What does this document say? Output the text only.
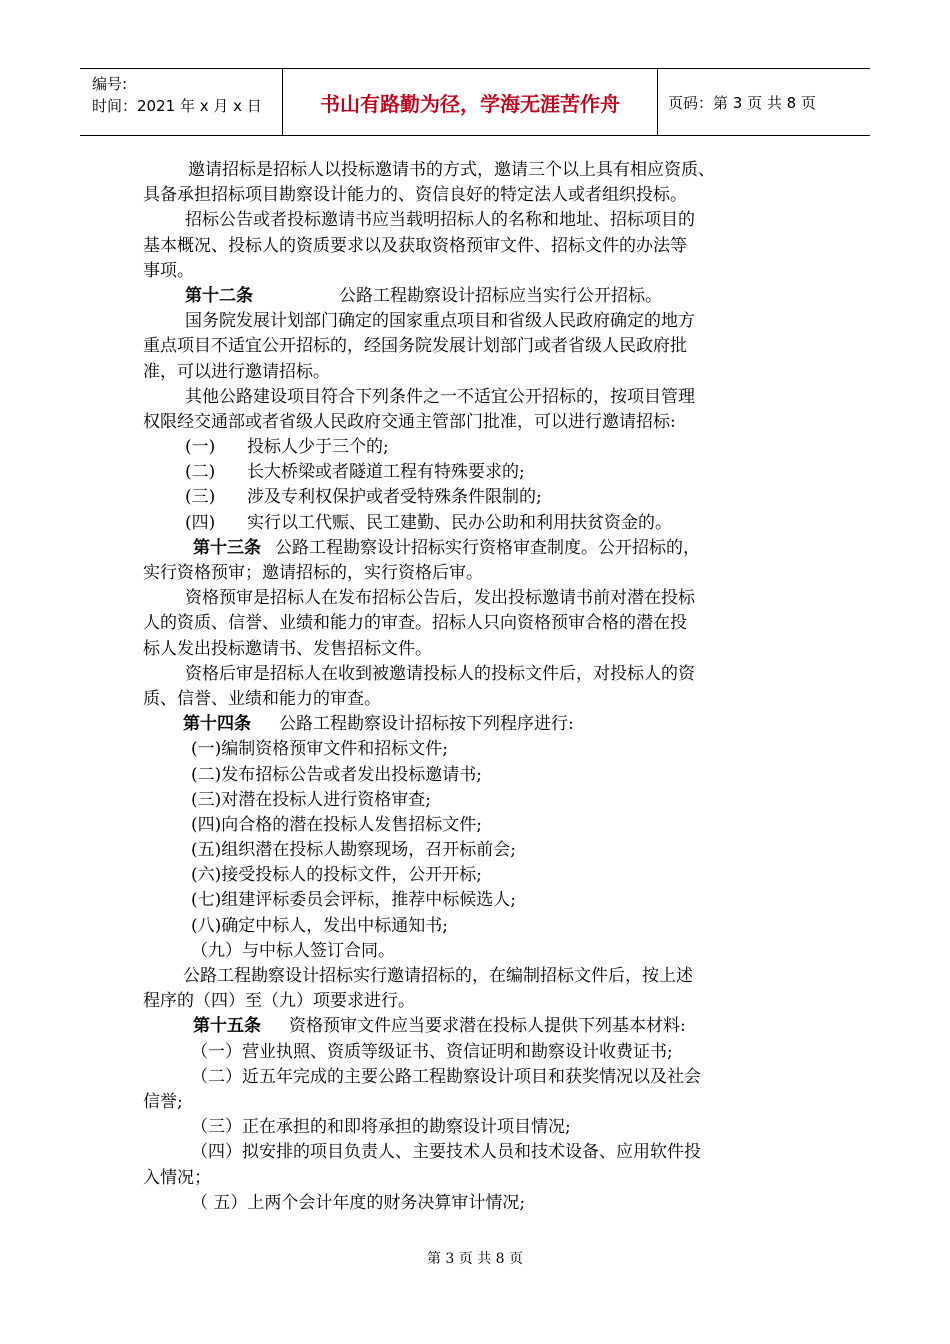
编号:
时间：2021 年 x 月 x 日	书山有路勤为径，学海无涯苦作舟	页码：第 3 页 共 8 页
邀请招标是招标人以投标邀请书的方式，邀请三个以上具有相应资质、
具备承担招标项目勘察设计能力的、资信良好的特定法人或者组织投标。
招标公告或者投标邀请书应当载明招标人的名称和地址、招标项目的
基本概况、投标人的资质要求以及获取资格预审文件、招标文件的办法等
事项。
第十二条	公路工程勘察设计招标应当实行公开招标。
国务院发展计划部门确定的国家重点项目和省级人民政府确定的地方
重点项目不适宜公开招标的，经国务院发展计划部门或者省级人民政府批
准，可以进行邀请招标。
其他公路建设项目符合下列条件之一不适宜公开招标的，按项目管理
权限经交通部或者省级人民政府交通主管部门批准，可以进行邀请招标:
(一) 投标人少于三个的;
(二) 长大桥梁或者隧道工程有特殊要求的;
(三) 涉及专利权保护或者受特殊条件限制的;
(四) 实行以工代赈、民工建勤、民办公助和利用扶贫资金的。
第十三条 公路工程勘察设计招标实行资格审查制度。公开招标的，
实行资格预审；邀请招标的，实行资格后审。
资格预审是招标人在发布招标公告后，发出投标邀请书前对潜在投标
人的资质、信誉、业绩和能力的审查。招标人只向资格预审合格的潜在投
标人发出投标邀请书、发售招标文件。
资格后审是招标人在收到被邀请投标人的投标文件后，对投标人的资
质、信誉、业绩和能力的审查。
第十四条 公路工程勘察设计招标按下列程序进行:
(一)编制资格预审文件和招标文件;
(二)发布招标公告或者发出投标邀请书;
(三)对潜在投标人进行资格审查;
(四)向合格的潜在投标人发售招标文件;
(五)组织潜在投标人勘察现场，召开标前会;
(六)接受投标人的投标文件，公开开标;
(七)组建评标委员会评标，推荐中标候选人;
(八)确定中标人，发出中标通知书;
（九）与中标人签订合同。
公路工程勘察设计招标实行邀请招标的，在编制招标文件后，按上述
程序的（四）至（九）项要求进行。
第十五条 资格预审文件应当要求潜在投标人提供下列基本材料:
（一）营业执照、资质等级证书、资信证明和勘察设计收费证书;
（二）近五年完成的主要公路工程勘察设计项目和获奖情况以及社会
信誉;
（三）正在承担的和即将承担的勘察设计项目情况;
（四）拟安排的项目负责人、主要技术人员和技术设备、应用软件投
入情况；
（ 五）上两个会计年度的财务决算审计情况;
第 3 页 共 8 页
